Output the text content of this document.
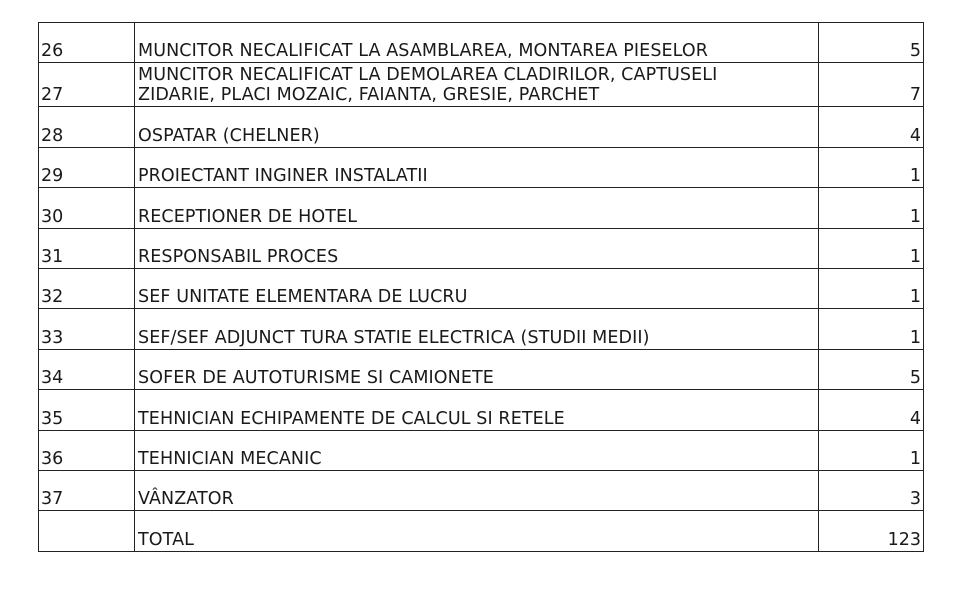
26	MUNCITOR NECALIFICAT LA ASAMBLAREA, MONTAREA PIESELOR	5
27	MUNCITOR NECALIFICAT LA DEMOLAREA CLADIRILOR, CAPTUSELI
ZIDARIE, PLACI MOZAIC, FAIANTA, GRESIE, PARCHET	7
28	OSPATAR (CHELNER)	4
29	PROIECTANT INGINER INSTALATII	1
30	RECEPTIONER DE HOTEL	1
31	RESPONSABIL PROCES	1
32	SEF UNITATE ELEMENTARA DE LUCRU	1
33	SEF/SEF ADJUNCT TURA STATIE ELECTRICA (STUDII MEDII)	1
34	SOFER DE AUTOTURISME SI CAMIONETE	5
35	TEHNICIAN ECHIPAMENTE DE CALCUL SI RETELE	4
36	TEHNICIAN MECANIC	1
37	VÂNZATOR	3
	TOTAL	123
